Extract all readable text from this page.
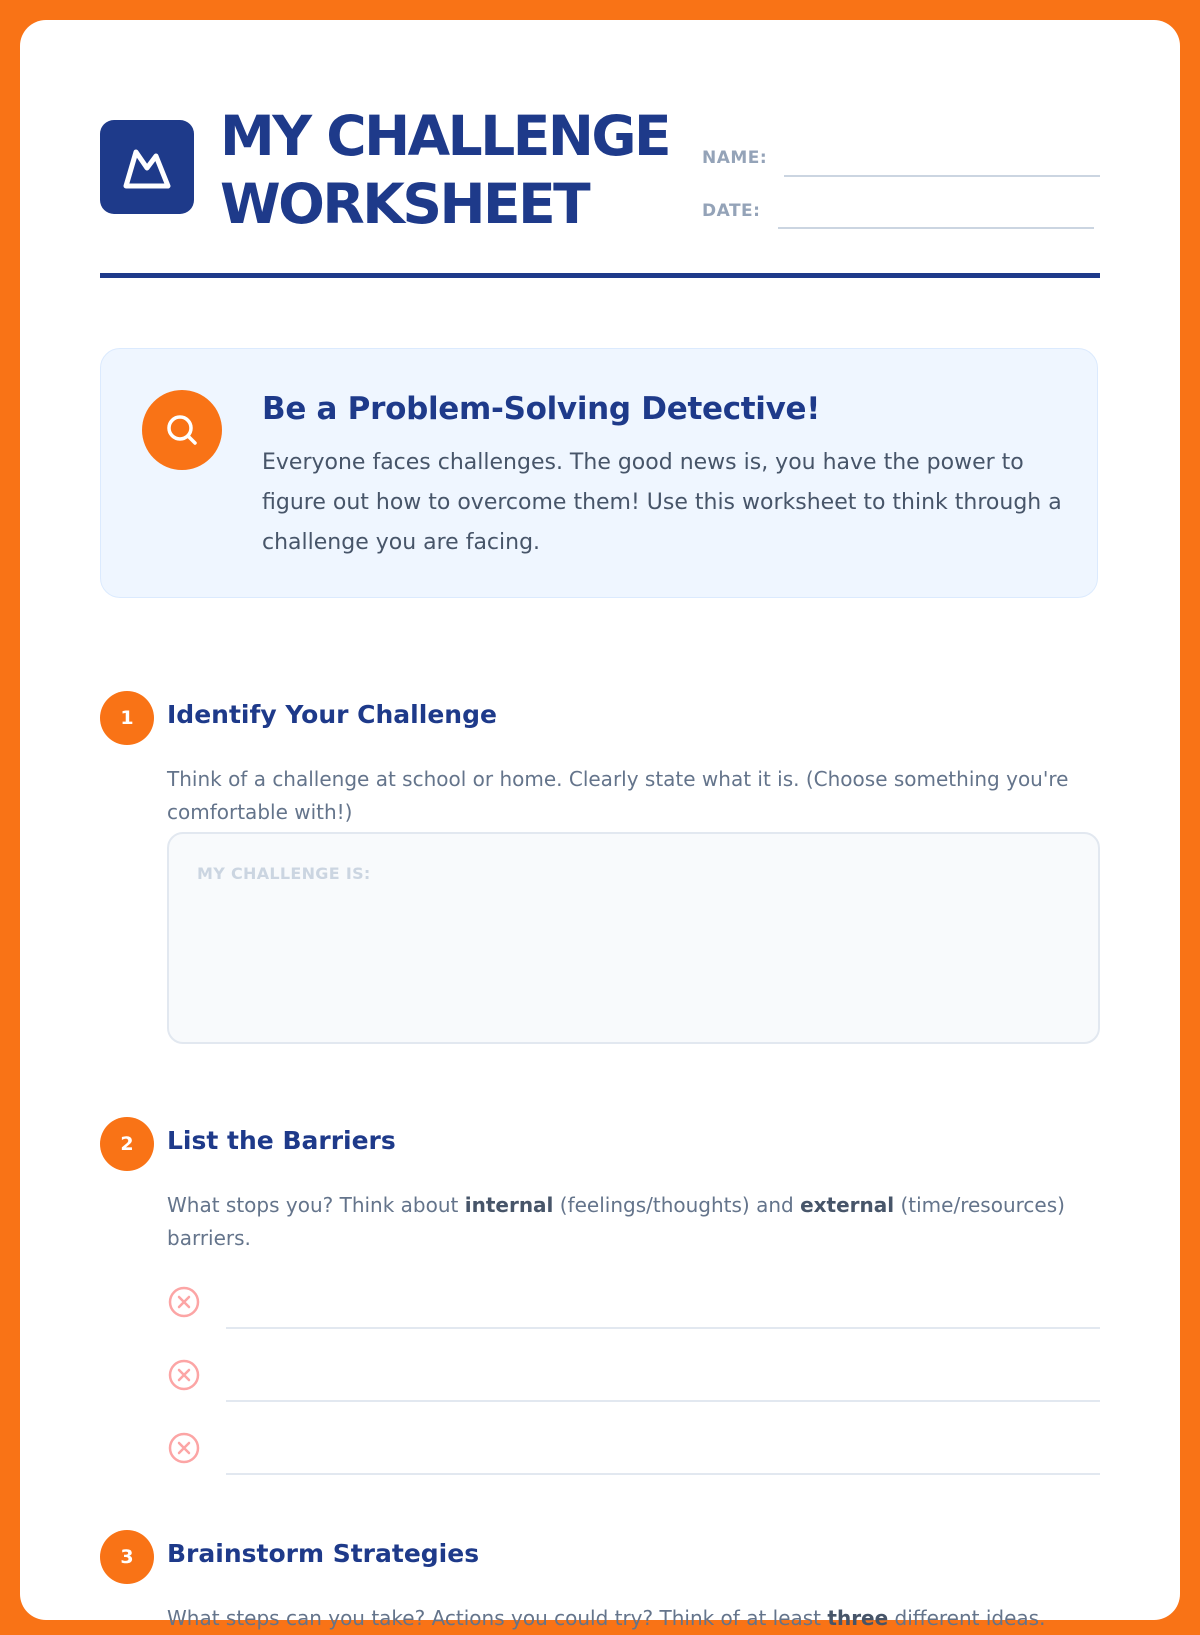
MY CHALLENGE
WORKSHEET
NAME:
DATE:
Be a Problem-Solving Detective!

Everyone faces challenges. The good news is, you have the power to figure out how to overcome them! Use this worksheet to think through a challenge you are facing.

1	Identify Your Challenge

Think of a challenge at school or home. Clearly state what it is. (Choose something you're comfortable with!)

MY CHALLENGE IS:
2	List the Barriers

What stops you? Think about internal (feelings/thoughts) and external (time/resources) barriers.

3	Brainstorm Strategies

What steps can you take? Actions you could try? Think of at least three different ideas.
